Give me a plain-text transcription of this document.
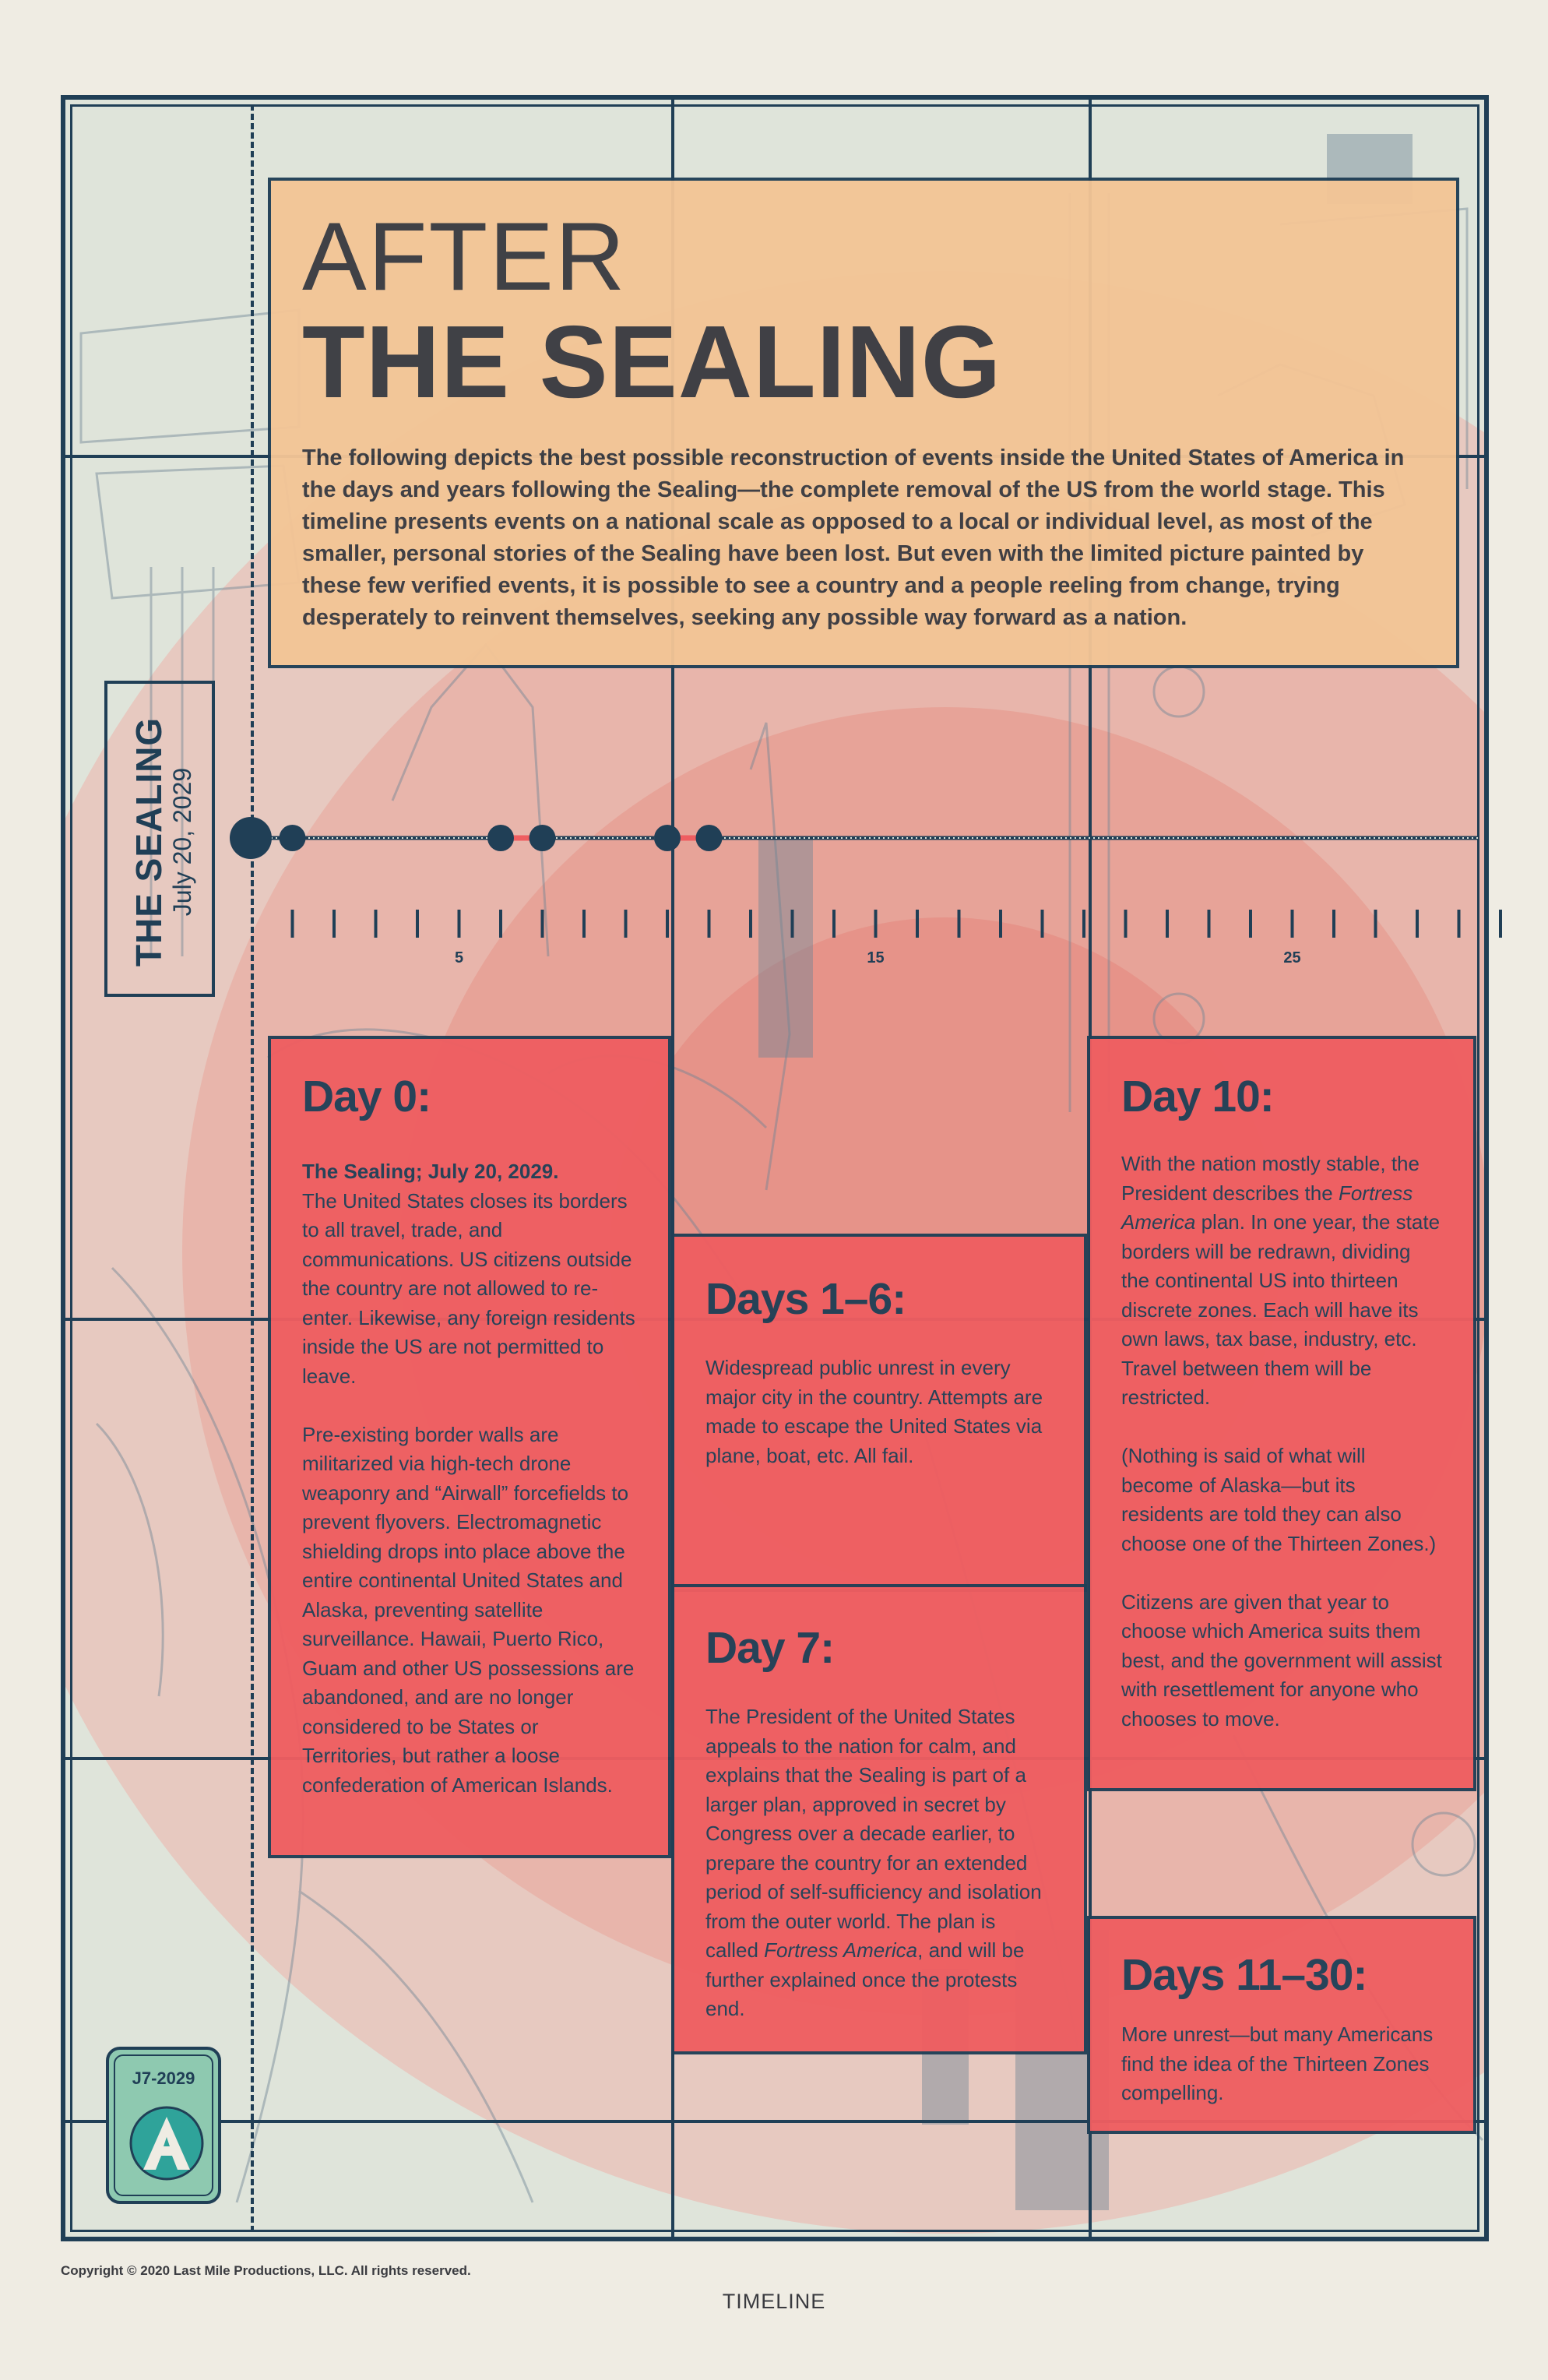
AFTER
THE SEALING
The following depicts the best possible reconstruction of events inside the United States of America in the days and years following the Sealing—the complete removal of the US from the world stage. This timeline presents events on a national scale as opposed to a local or individual level, as most of the smaller, personal stories of the Sealing have been lost. But even with the limited picture painted by these few verified events, it is possible to see a country and a people reeling from change, trying desperately to reinvent themselves, seeking any possible way forward as a nation.
THE SEALING July 20, 2029
5	15	25
Day 0:

The Sealing; July 20, 2029.
The United States closes its borders to all travel, trade, and communications. US citizens outside the country are not allowed to re-enter. Likewise, any foreign residents inside the US are not permitted to leave.

Pre-existing border walls are militarized via high-tech drone weaponry and “Airwall” forcefields to prevent flyovers. Electromagnetic shielding drops into place above the entire continental United States and Alaska, preventing satellite surveillance. Hawaii, Puerto Rico, Guam and other US possessions are abandoned, and are no longer considered to be States or Territories, but rather a loose confederation of American Islands.

Days 1–6:
Widespread public unrest in every major city in the country. Attempts are made to escape the United States via plane, boat, etc. All fail.
Day 7:
The President of the United States appeals to the nation for calm, and explains that the Sealing is part of a larger plan, approved in secret by Congress over a decade earlier, to prepare the country for an extended period of self-sufficiency and isolation from the outer world. The plan is called Fortress America, and will be further explained once the protests end.
Day 10:

With the nation mostly stable, the President describes the Fortress America plan. In one year, the state borders will be redrawn, dividing the continental US into thirteen discrete zones. Each will have its own laws, tax base, industry, etc. Travel between them will be restricted.

(Nothing is said of what will become of Alaska—but its residents are told they can also choose one of the Thirteen Zones.)

Citizens are given that year to choose which America suits them best, and the government will assist with resettlement for anyone who chooses to move.

Days 11–30:
More unrest—but many Americans find the idea of the Thirteen Zones compelling.
J7-2029
Copyright © 2020 Last Mile Productions, LLC. All rights reserved.
TIMELINE
